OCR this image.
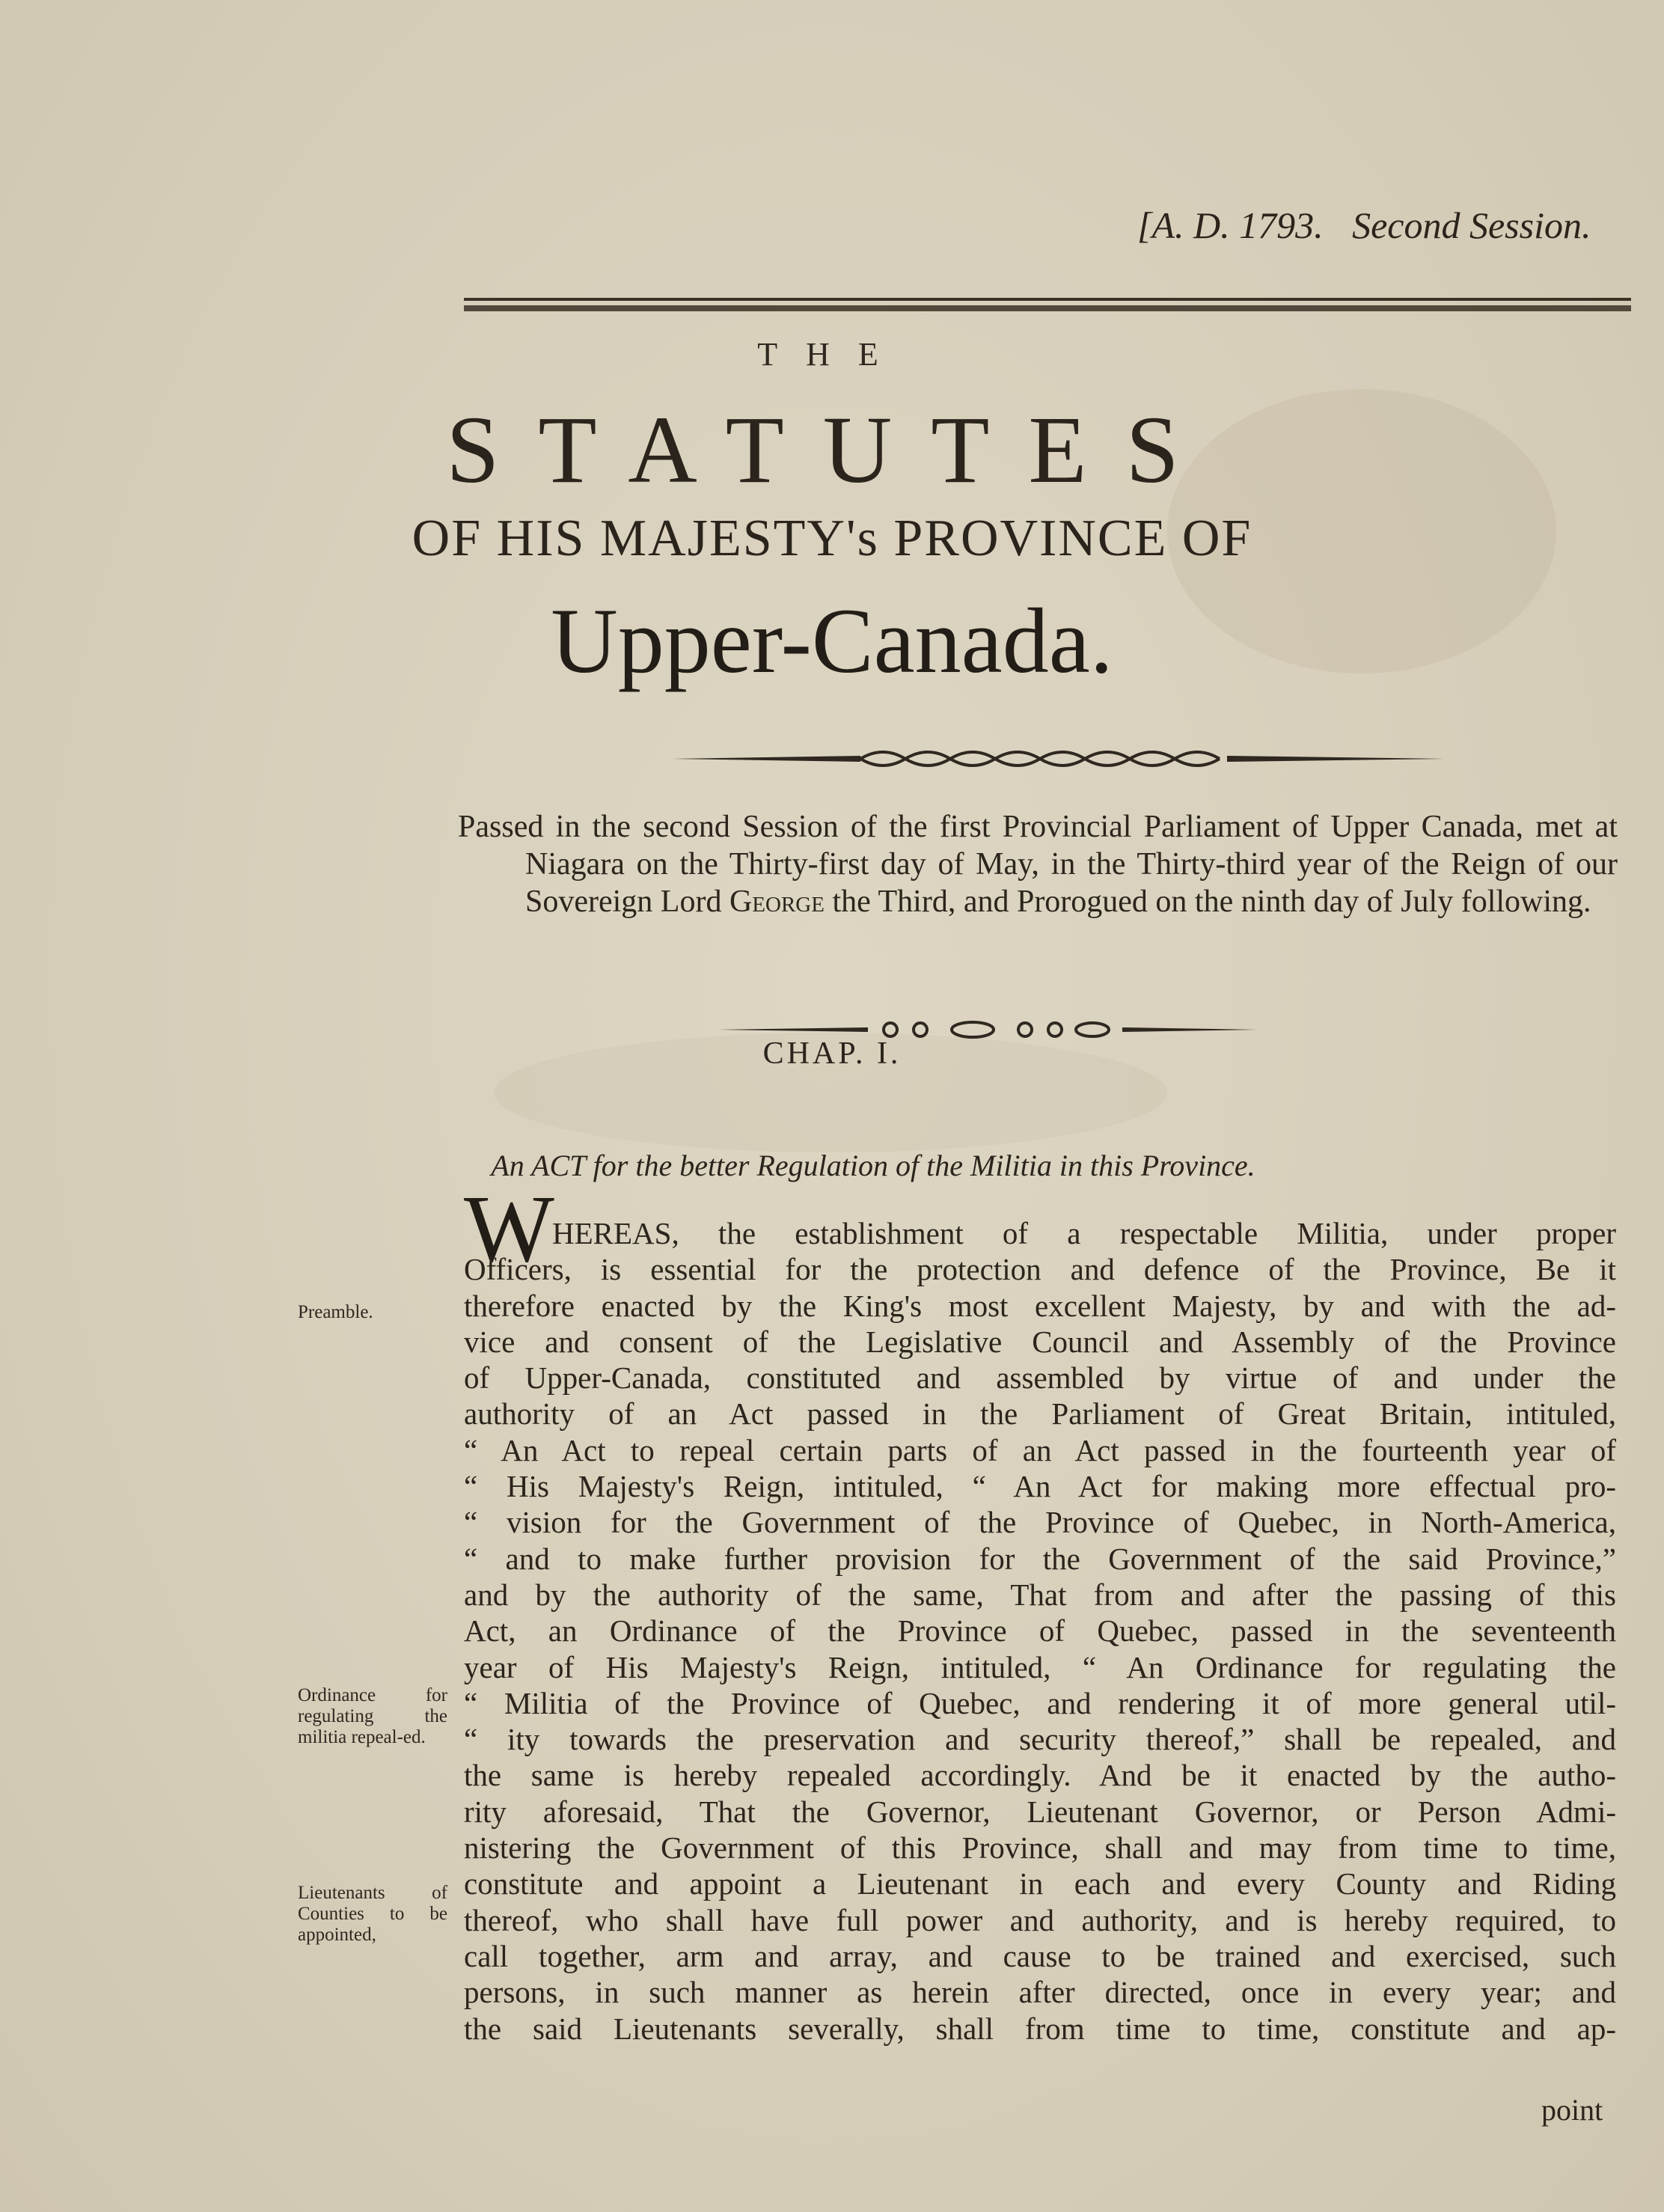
[A. D. 1793. Second Session.
THE
STATUTES
OF HIS MAJESTY's PROVINCE OF
Upper-Canada.

Passed in the second Session of the first Provincial Parliament of Upper Canada, met at Niagara on the Thirty-first day of May, in the Thirty-third year of the Reign of our Sovereign Lord George the Third, and Prorogued on the ninth day of July following.

CHAP. I.
An ACT for the better Regulation of the Militia in this Province.
W
HEREAS, the establishment of a respectable Militia, under proper
Officers, is essential for the protection and defence of the Province, Be it
therefore enacted by the King's most excellent Majesty, by and with the ad-
vice and consent of the Legislative Council and Assembly of the Province
of Upper-Canada, constituted and assembled by virtue of and under the
authority of an Act passed in the Parliament of Great Britain, intituled,
“ An Act to repeal certain parts of an Act passed in the fourteenth year of
“ His Majesty's Reign, intituled, “ An Act for making more effectual pro-
“ vision for the Government of the Province of Quebec, in North-America,
“ and to make further provision for the Government of the said Province,”
and by the authority of the same, That from and after the passing of this
Act, an Ordinance of the Province of Quebec, passed in the seventeenth
year of His Majesty's Reign, intituled, “ An Ordinance for regulating the
“ Militia of the Province of Quebec, and rendering it of more general util-
“ ity towards the preservation and security thereof,” shall be repealed, and
the same is hereby repealed accordingly. And be it enacted by the autho-
rity aforesaid, That the Governor, Lieutenant Governor, or Person Admi-
nistering the Government of this Province, shall and may from time to time,
constitute and appoint a Lieutenant in each and every County and Riding
thereof, who shall have full power and authority, and is hereby required, to
call together, arm and array, and cause to be trained and exercised, such
persons, in such manner as herein after directed, once in every year; and
the said Lieutenants severally, shall from time to time, constitute and ap-
Preamble.
Ordinance for regulating the militia repeal-ed.
Lieutenants of Counties to be appointed,
point
